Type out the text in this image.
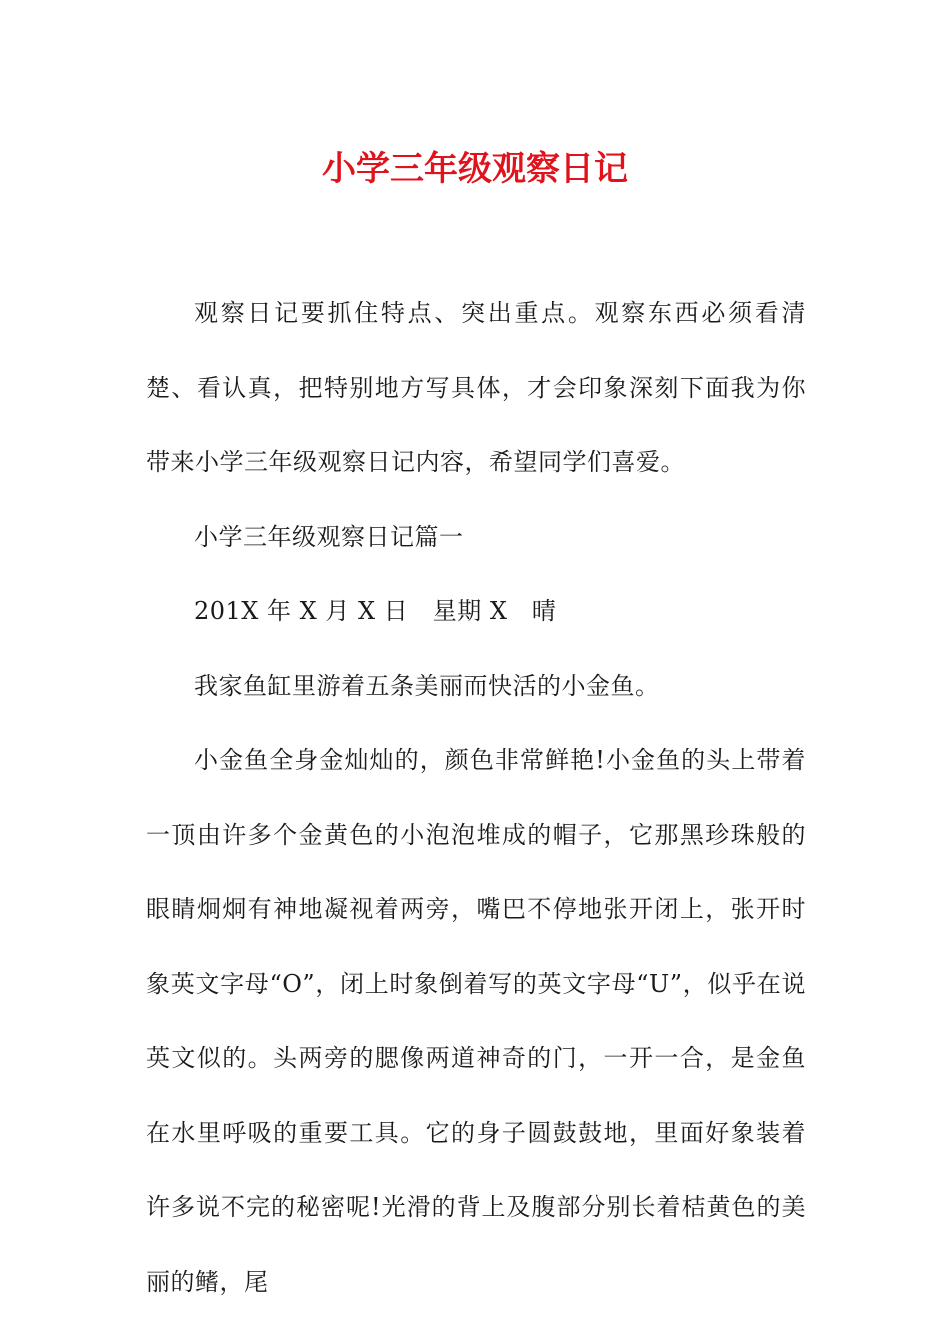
小学三年级观察日记

观察日记要抓住特点、突出重点。观察东西必须看清楚、看认真，把特别地方写具体，才会印象深刻下面我为你带来小学三年级观察日记内容，希望同学们喜爱。

小学三年级观察日记篇一

201X 年 X 月 X 日　星期 X　晴

我家鱼缸里游着五条美丽而快活的小金鱼。

小金鱼全身金灿灿的，颜色非常鲜艳!小金鱼的头上带着一顶由许多个金黄色的小泡泡堆成的帽子，它那黑珍珠般的眼睛炯炯有神地凝视着两旁，嘴巴不停地张开闭上，张开时象英文字母“O”，闭上时象倒着写的英文字母“U”，似乎在说英文似的。头两旁的腮像两道神奇的门，一开一合，是金鱼在水里呼吸的重要工具。它的身子圆鼓鼓地，里面好象装着许多说不完的秘密呢!光滑的背上及腹部分别长着桔黄色的美丽的鳍，尾
